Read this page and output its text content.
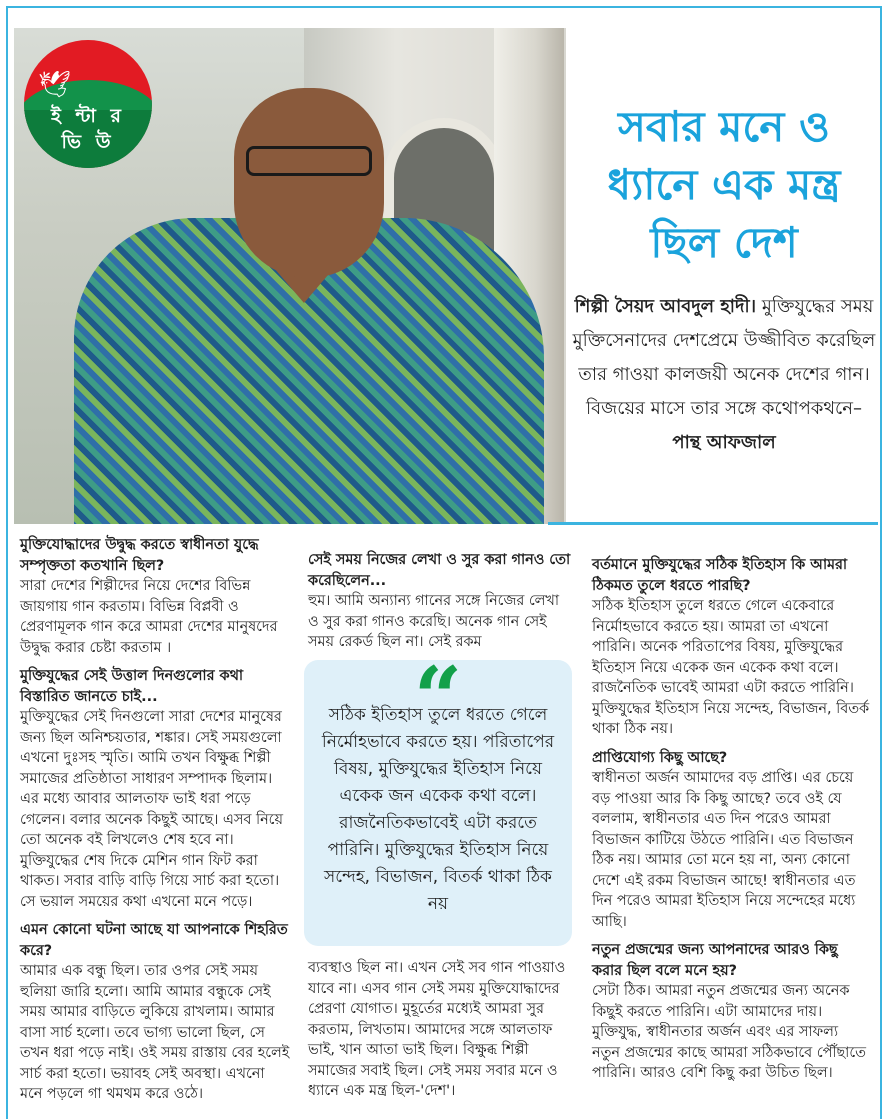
🕊
ই ন্টা র
ভি উ	সবার মনে ও ধ্যানে এক মন্ত্র ছিল দেশ
শিল্পী সৈয়দ আবদুল হাদী। মুক্তিযুদ্ধের সময় মুক্তিসেনাদের দেশপ্রেমে উজ্জীবিত করেছিল তার গাওয়া কালজয়ী অনেক দেশের গান। বিজয়ের মাসে তার সঙ্গে কথোপকথনে–
পান্থ আফজাল

মুক্তিযোদ্ধাদের উদ্বুদ্ধ করতে স্বাধীনতা যুদ্ধে সম্পৃক্ততা কতখানি ছিল?

সারা দেশের শিল্পীদের নিয়ে দেশের বিভিন্ন জায়গায় গান করতাম। বিভিন্ন বিপ্লবী ও প্রেরণামূলক গান করে আমরা দেশের মানুষদের উদ্বুদ্ধ করার চেষ্টা করতাম ।

মুক্তিযুদ্ধের সেই উত্তাল দিনগুলোর কথা বিস্তারিত জানতে চাই...

মুক্তিযুদ্ধের সেই দিনগুলো সারা দেশের মানুষের জন্য ছিল অনিশ্চয়তার, শঙ্কার। সেই সময়গুলো এখনো দুঃসহ স্মৃতি। আমি তখন বিক্ষুব্ধ শিল্পী সমাজের প্রতিষ্ঠাতা সাধারণ সম্পাদক ছিলাম। এর মধ্যে আবার আলতাফ ভাই ধরা পড়ে গেলেন। বলার অনেক কিছুই আছে। এসব নিয়ে তো অনেক বই লিখলেও শেষ হবে না। মুক্তিযুদ্ধের শেষ দিকে মেশিন গান ফিট করা থাকত। সবার বাড়ি বাড়ি গিয়ে সার্চ করা হতো। সে ভয়াল সময়ের কথা এখনো মনে পড়ে।

এমন কোনো ঘটনা আছে যা আপনাকে শিহরিত করে?

আমার এক বন্ধু ছিল। তার ওপর সেই সময় হুলিয়া জারি হলো। আমি আমার বন্ধুকে সেই সময় আমার বাড়িতে লুকিয়ে রাখলাম। আমার বাসা সার্চ হলো। তবে ভাগ্য ভালো ছিল, সে তখন ধরা পড়ে নাই। ওই সময় রাস্তায় বের হলেই সার্চ করা হতো। ভয়াবহ সেই অবস্থা। এখনো মনে পড়লে গা থমথম করে ওঠে।

সেই সময় নিজের লেখা ও সুর করা গানও তো করেছিলেন...

হুম। আমি অন্যান্য গানের সঙ্গে নিজের লেখা ও সুর করা গানও করেছি। অনেক গান সেই সময় রেকর্ড ছিল না। সেই রকম

“

সঠিক ইতিহাস তুলে ধরতে গেলে নির্মোহভাবে করতে হয়। পরিতাপের বিষয়, মুক্তিযুদ্ধের ইতিহাস নিয়ে একেক জন একেক কথা বলে। রাজনৈতিকভাবেই এটা করতে পারিনি। মুক্তিযুদ্ধের ইতিহাস নিয়ে সন্দেহ, বিভাজন, বিতর্ক থাকা ঠিক নয়

ব্যবস্থাও ছিল না। এখন সেই সব গান পাওয়াও যাবে না। এসব গান সেই সময় মুক্তিযোদ্ধাদের প্রেরণা যোগাত। মুহূর্তের মধ্যেই আমরা সুর করতাম, লিখতাম। আমাদের সঙ্গে আলতাফ ভাই, খান আতা ভাই ছিল। বিক্ষুব্ধ শিল্পী সমাজের সবাই ছিল। সেই সময় সবার মনে ও ধ্যানে এক মন্ত্র ছিল-'দেশ'।

বর্তমানে মুক্তিযুদ্ধের সঠিক ইতিহাস কি আমরা ঠিকমত তুলে ধরতে পারছি?

সঠিক ইতিহাস তুলে ধরতে গেলে একেবারে নির্মোহভাবে করতে হয়। আমরা তা এখনো পারিনি। অনেক পরিতাপের বিষয়, মুক্তিযুদ্ধের ইতিহাস নিয়ে একেক জন একেক কথা বলে। রাজনৈতিক ভাবেই আমরা এটা করতে পারিনি। মুক্তিযুদ্ধের ইতিহাস নিয়ে সন্দেহ, বিভাজন, বিতর্ক থাকা ঠিক নয়।

প্রাপ্তিযোগ্য কিছু আছে?

স্বাধীনতা অর্জন আমাদের বড় প্রাপ্তি। এর চেয়ে বড় পাওয়া আর কি কিছু আছে? তবে ওই যে বললাম, স্বাধীনতার এত দিন পরেও আমরা বিভাজন কাটিয়ে উঠতে পারিনি। এত বিভাজন ঠিক নয়। আমার তো মনে হয় না, অন্য কোনো দেশে এই রকম বিভাজন আছে! স্বাধীনতার এত দিন পরেও আমরা ইতিহাস নিয়ে সন্দেহের মধ্যে আছি।

নতুন প্রজন্মের জন্য আপনাদের আরও কিছু করার ছিল বলে মনে হয়?

সেটা ঠিক। আমরা নতুন প্রজন্মের জন্য অনেক কিছুই করতে পারিনি। এটা আমাদের দায়। মুক্তিযুদ্ধ, স্বাধীনতার অর্জন এবং এর সাফল্য নতুন প্রজন্মের কাছে আমরা সঠিকভাবে পৌঁছাতে পারিনি। আরও বেশি কিছু করা উচিত ছিল।
